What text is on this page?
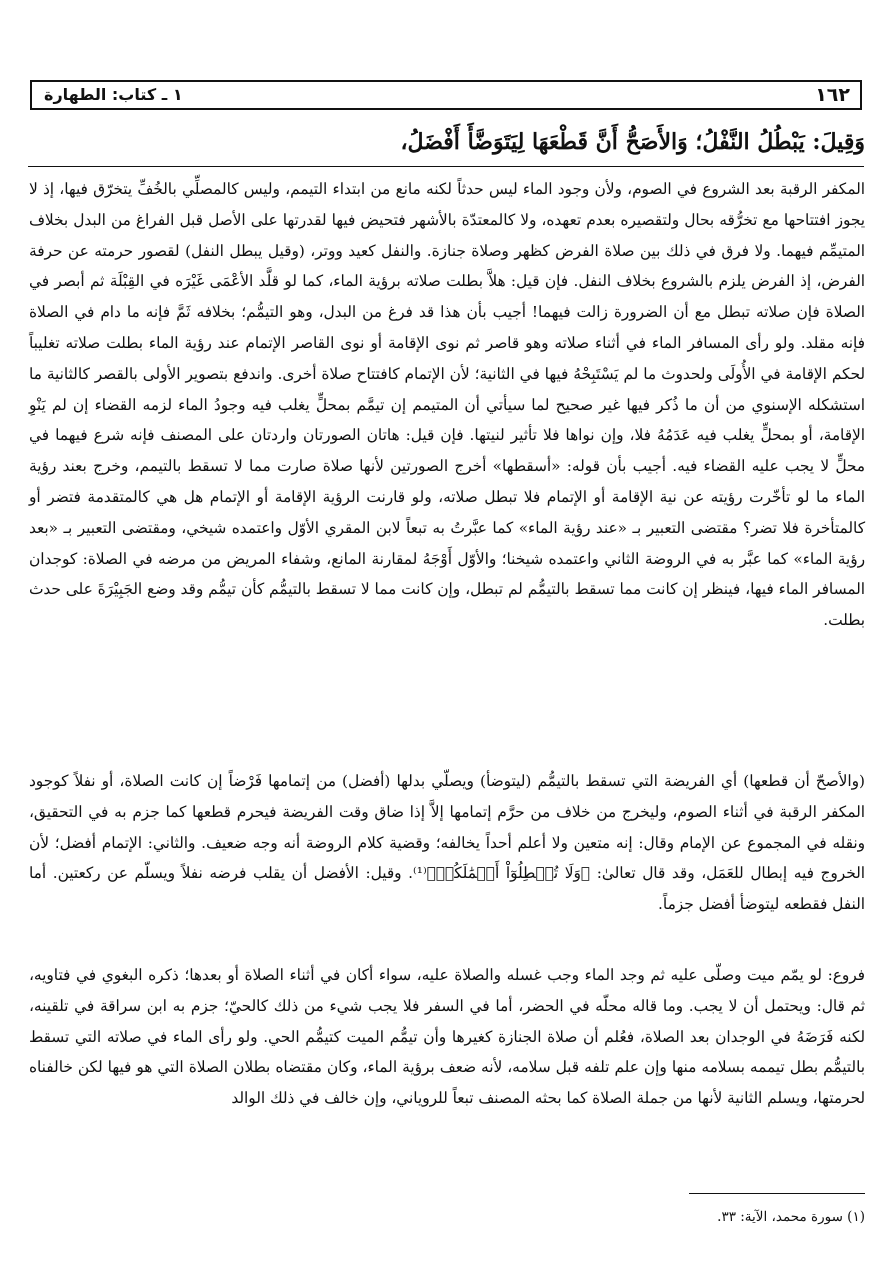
١٦٢
١ ـ كتاب: الطهارة
وَقِيلَ: يَبْطُلُ النَّفْلُ؛ وَالأَصَحُّ أَنَّ قَطْعَهَا لِيَتَوَضَّأَ أَفْضَلُ،

المكفر الرقبة بعد الشروع في الصوم، ولأن وجود الماء ليس حدثاً لكنه مانع من ابتداء التيمم، وليس كالمصلِّي بالخُفِّ يتخرّق فيها، إذ لا يجوز افتتاحها مع تخرُّقه بحال ولتقصيره بعدم تعهده، ولا كالمعتدّة بالأشهر فتحيض فيها لقدرتها على الأصل قبل الفراغ من البدل بخلاف المتيمِّم فيهما. ولا فرق في ذلك بين صلاة الفرض كظهر وصلاة جنازة. والنفل كعيد ووتر، (وقيل يبطل النفل) لقصور حرمته عن حرفة الفرض، إذ الفرض يلزم بالشروع بخلاف النفل. فإن قيل: هلاَّ بطلت صلاته برؤية الماء، كما لو قلَّد الأعْمَى غَيْرَه في القِبْلَة ثم أبصر في الصلاة فإن صلاته تبطل مع أن الضرورة زالت فيهما! أجيب بأن هذا قد فرغ من البدل، وهو التيمُّم؛ بخلافه ثَمَّ فإنه ما دام في الصلاة فإنه مقلد. ولو رأى المسافر الماء في أثناء صلاته وهو قاصر ثم نوى الإقامة أو نوى القاصر الإتمام عند رؤية الماء بطلت صلاته تغليباً لحكم الإقامة في الأُولَى ولحدوث ما لم يَسْتَبِحْهُ فيها في الثانية؛ لأن الإتمام كافتتاح صلاة أخرى. واندفع بتصوير الأولى بالقصر كالثانية ما استشكله الإسنوي من أن ما ذُكر فيها غير صحيح لما سيأتي أن المتيمم إن تيمَّم بمحلٍّ يغلب فيه وجودُ الماء لزمه القضاء إن لم يَنْوِ الإقامة، أو بمحلٍّ يغلب فيه عَدَمُهُ فلا، وإن نواها فلا تأثير لنيتها. فإن قيل: هاتان الصورتان واردتان على المصنف فإنه شرع فيهما في محلٍّ لا يجب عليه القضاء فيه. أجيب بأن قوله: «أسقطها» أخرج الصورتين لأنها صلاة صارت مما لا تسقط بالتيمم، وخرج بعند رؤية الماء ما لو تأخّرت رؤيته عن نية الإقامة أو الإتمام فلا تبطل صلاته، ولو قارنت الرؤية الإقامة أو الإتمام هل هي كالمتقدمة فتضر أو كالمتأخرة فلا تضر؟ مقتضى التعبير بـ «عند رؤية الماء» كما عبَّرتُ به تبعاً لابن المقري الأوّل واعتمده شيخي، ومقتضى التعبير بـ «بعد رؤية الماء» كما عبَّر به في الروضة الثاني واعتمده شيخنا؛ والأوّل أَوْجَهُ لمقارنة المانع، وشفاء المريض من مرضه في الصلاة: كوجدان المسافر الماء فيها، فينظر إن كانت مما تسقط بالتيمُّم لم تبطل، وإن كانت مما لا تسقط بالتيمُّم كأن تيمُّم وقد وضع الجَبِيْرَةَ على حدث بطلت.

(والأصحّ أن قطعها) أي الفريضة التي تسقط بالتيمُّم (ليتوضأ) ويصلّي بدلها (أفضل) من إتمامها فَرْضاً إن كانت الصلاة، أو نفلاً كوجود المكفر الرقبة في أثناء الصوم، وليخرج من خلاف من حرَّم إتمامها إلاَّ إذا ضاق وقت الفريضة فيحرم قطعها كما جزم به في التحقيق، ونقله في المجموع عن الإمام وقال: إنه متعين ولا أعلم أحداً يخالفه؛ وقضية كلام الروضة أنه وجه ضعيف. والثاني: الإتمام أفضل؛ لأن الخروج فيه إبطال للعَمَل، وقد قال تعالىٰ: ﴿وَلَا تُبۡطِلُوٓاْ أَعۡمَٰلَكُمۡ﴾⁽¹⁾. وقيل: الأفضل أن يقلب فرضه نفلاً ويسلّم عن ركعتين. أما النفل فقطعه ليتوضأ أفضل جزماً.

فروع: لو يمّم ميت وصلّى عليه ثم وجد الماء وجب غسله والصلاة عليه، سواء أكان في أثناء الصلاة أو بعدها؛ ذكره البغوي في فتاويه، ثم قال: ويحتمل أن لا يجب. وما قاله محلّه في الحضر، أما في السفر فلا يجب شيء من ذلك كالحيّ؛ جزم به ابن سراقة في تلقينه، لكنه فَرَضَهُ في الوجدان بعد الصلاة، فعُلم أن صلاة الجنازة كغيرها وأن تيمُّم الميت كتيمُّم الحي. ولو رأى الماء في صلاته التي تسقط بالتيمُّم بطل تيممه بسلامه منها وإن علم تلفه قبل سلامه، لأنه ضعف برؤية الماء، وكان مقتضاه بطلان الصلاة التي هو فيها لكن خالفناه لحرمتها، ويسلم الثانية لأنها من جملة الصلاة كما بحثه المصنف تبعاً للروياني، وإن خالف في ذلك الوالد

(١) سورة محمد، الآية: ٣٣.
